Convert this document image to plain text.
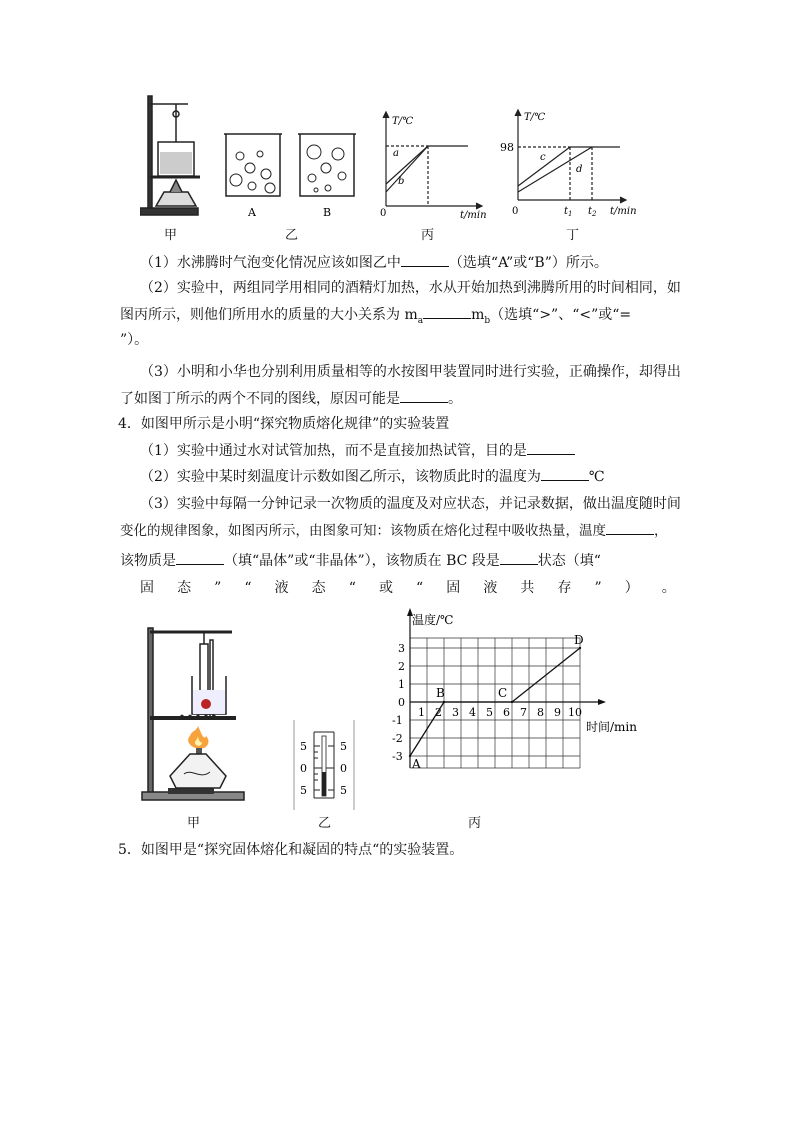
A	B
T/℃
t/min
0
a
b
T/℃
t/min
0
98
c
d
$t_1$ $t_2$
甲	乙	丙	丁
（1）水沸腾时气泡变化情况应该如图乙中	（选填“A”或“B”）所示。
（2）实验中，两组同学用相同的酒精灯加热，水从开始加热到沸腾所用的时间相同，如
图丙所示，则他们所用水的质量的大小关系为 $m_a$	$m_b$（选填“>”、“<”或“=
”）。
（3）小明和小华也分别利用质量相等的水按图甲装置同时进行实验，正确操作，却得出
了如图丁所示的两个不同的图线，原因可能是	。
4．如图甲所示是小明“探究物质熔化规律”的实验装置
（1）实验中通过水对试管加热，而不是直接加热试管，目的是
（2）实验中某时刻温度计示数如图乙所示，该物质此时的温度为	℃
（3）实验中每隔一分钟记录一次物质的温度及对应状态，并记录数据，做出温度随时间
变化的规律图象，如图丙所示，由图象可知：该物质在熔化过程中吸收热量，温度	，
该物质是	（填“晶体”或“非晶体”），该物质在 BC 段是	状态（填“
固 态 ” “ 液 态 “ 或 “ 固 液 共 存 ” ） 。
5
0
5
5
0
5
1 2 3 4 5 6 7 8 9 10
3
2
1
0
-1
-2
-3
A
B	C
D
温度/℃
时间/min
甲	乙	丙
5．如图甲是“探究固体熔化和凝固的特点“的实验装置。
